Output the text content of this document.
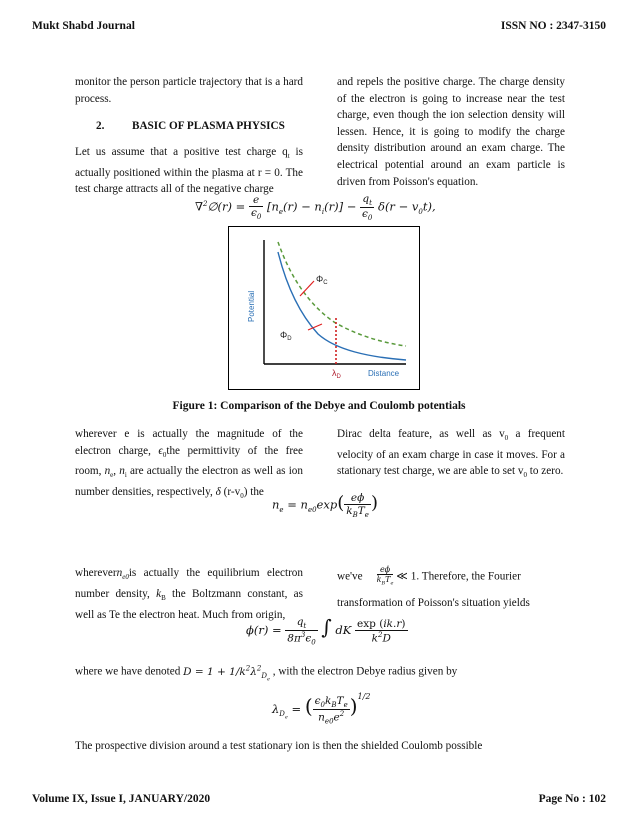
Mukt Shabd Journal	ISSN NO : 2347-3150
monitor the person particle trajectory that is a hard process.
2. BASIC OF PLASMA PHYSICS
Let us assume that a positive test charge $q_t$ is actually positioned within the plasma at r = 0. The test charge attracts all of the negative charge
and repels the positive charge. The charge density of the electron is going to increase near the test charge, even though the ion selection density will lessen. Hence, it is going to modify the charge density distribution around an exam charge. The electrical potential around an exam particle is driven from Poisson's equation.
∇$^2$∅(r) = $\frac{e}{\epsilon_0} [n_e(r) - n_i(r)] - \frac{q_t}{\epsilon_0} \delta(r - v_0t)$,
$\Phi_C$
$\Phi_D$
$\lambda_D$	Distance
Potential
Figure 1: Comparison of the Debye and Coulomb potentials
wherever e is actually the magnitude of the electron charge, $\epsilon_0the$ permittivity of the free room, $n_e$, $n_i$ are actually the electron as well as ion number densities, respectively, δ $(r-v_0)$ the
Dirac delta feature, as well as $v_0$ a frequent velocity of an exam charge in case it moves. For a stationary test charge, we are able to set $v_0$ to zero.
$n_e = n_{e0}\exp( \frac{e\phi}{k_BT_e}$ )
wherevern$_{e0}$is actually the equilibrium electron number density, $k_B$ the Boltzmann constant, as well as Te the electron heat. Much from origin,
$we've \frac{e\phi}{k_BT_e}$ ≪ 1. Therefore, the Fourier
transformation of Poisson's situation yields
$\phi(r) = \frac{q_t}{8\pi^3\epsilon_0}$ ∫ dK $\frac{\exp (ik.r)}{k^2D}$
where we have denoted $D = 1 + 1/k^2\lambda^2_{D_e}$ , with the electron Debye radius given by
$\lambda_{D_e}$ = ( $\frac{\epsilon_0k_BT_e}{n_{e0}e^2} )^{1/2}$
The prospective division around a test stationary ion is then the shielded Coulomb possible
Volume IX, Issue I, JANUARY/2020	Page No : 102
